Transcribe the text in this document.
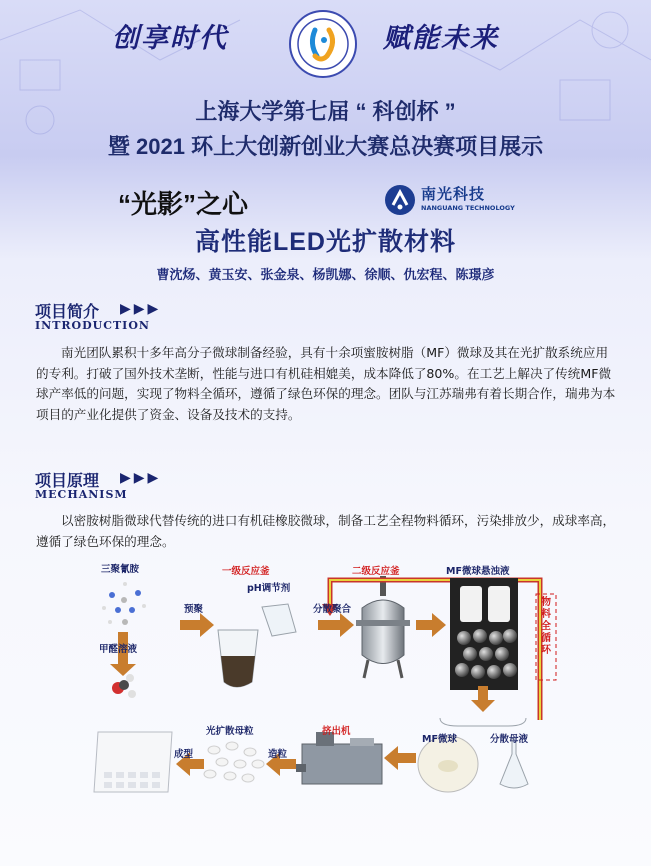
创享时代	赋能未来
上海大学第七届 “ 科创杯 ”
暨 2021 环上大创新创业大赛总决赛项目展示
“光影”之心	南光科技
NANGUANG TECHNOLOGY
高性能LED光扩散材料
曹沈炀、黄玉安、张金泉、杨凯娜、徐顺、仇宏程、陈璟彦
项目简介 ▶▶▶
INTRODUCTION
南光团队累积十多年高分子微球制备经验，具有十余项蜜胺树脂（MF）微球及其在光扩散系统应用的专利。打破了国外技术垄断，性能与进口有机硅相媲美，成本降低了80%。在工艺上解决了传统MF微球产率低的问题，实现了物料全循环，遵循了绿色环保的理念。团队与江苏瑞弗有着长期合作，瑞弗为本项目的产业化提供了资金、设备及技术的支持。
项目原理 ▶▶▶
MECHANISM
以密胺树脂微球代替传统的进口有机硅橡胶微球，制备工艺全程物料循环，污染排放少，成球率高，遵循了绿色环保的理念。
三聚氰胺
甲醛溶液
一级反应釜
pH调节剂
预聚
二级反应釜
分散聚合
MF微球悬浊液
物料全循环
MF微球	分散母液
挤出机
光扩散母粒
造粒
成型
